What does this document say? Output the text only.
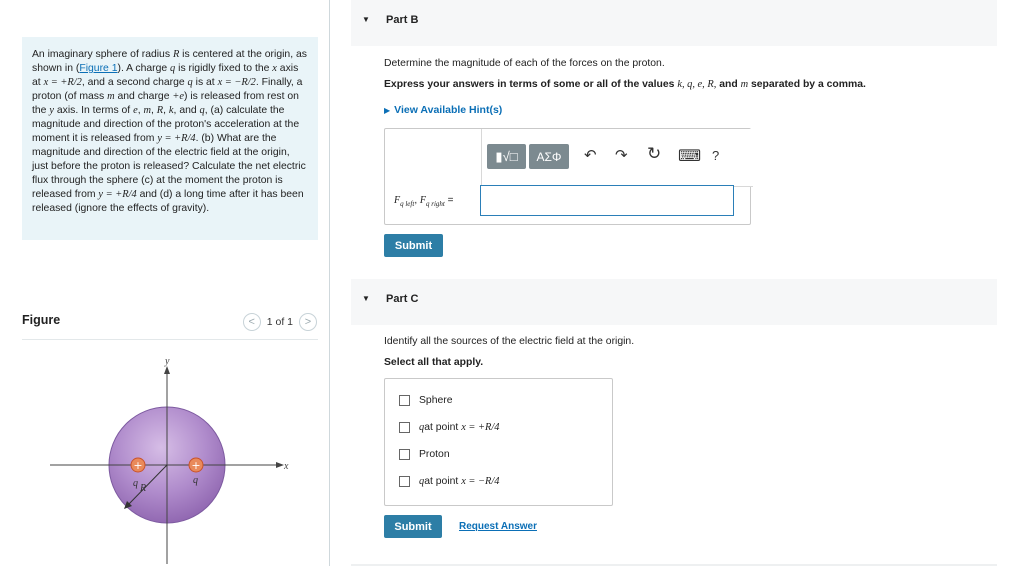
An imaginary sphere of radius R is centered at the origin, as shown in (Figure 1). A charge q is rigidly fixed to the x axis at x = +R/2, and a second charge q is at x = −R/2. Finally, a proton (of mass m and charge +e) is released from rest on the y axis. In terms of e, m, R, k, and q, (a) calculate the magnitude and direction of the proton's acceleration at the moment it is released from y = +R/4. (b) What are the magnitude and direction of the electric field at the origin, just before the proton is released? Calculate the net electric flux through the sphere (c) at the moment the proton is released from y = +R/4 and (d) a long time after it has been released (ignore the effects of gravity).
Figure	<	1 of 1	>
x
y
R
+
q
+
q
▼ Part B
Determine the magnitude of each of the forces on the proton.
Express your answers in terms of some or all of the values k, q, e, R, and m separated by a comma.
▶ View Available Hint(s)
▮√□	AΣΦ	↶ ↷ ↻ ⌨ ?
$F_{q left}$, $F_{q right}$ =
Submit
▼ Part C
Identify all the sources of the electric field at the origin.
Select all that apply.
Sphere
q at point
x = +R/4
Proton
q at point
x = −R/4
Submit	Request Answer
